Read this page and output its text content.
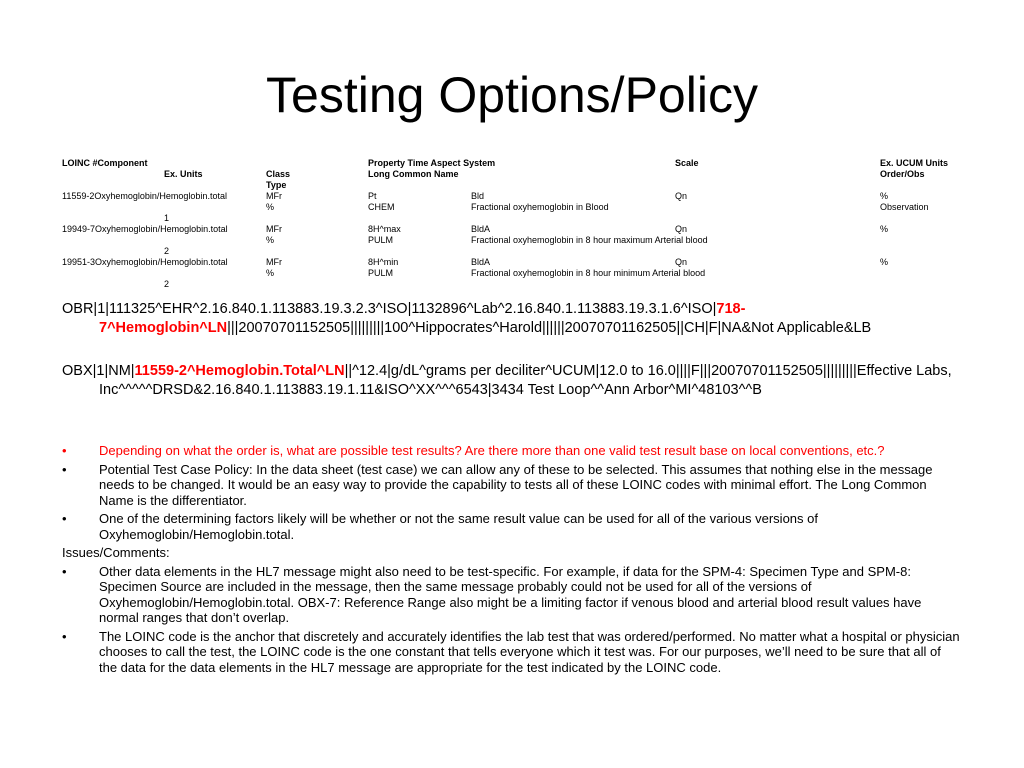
Testing Options/Policy
LOINC #Component	Property Time Aspect System	Scale	Ex. UCUM Units
Ex. Units	Class	Long Common Name	Order/Obs
Type
11559-2Oxyhemoglobin/Hemoglobin.total	MFr	Pt	Bld	Qn	%
%	CHEM	Fractional oxyhemoglobin in Blood	Observation
1
19949-7Oxyhemoglobin/Hemoglobin.total	MFr	8H^max	BldA	Qn	%
%	PULM	Fractional oxyhemoglobin in 8 hour maximum Arterial blood
2
19951-3Oxyhemoglobin/Hemoglobin.total	MFr	8H^min	BldA	Qn	%
%	PULM	Fractional oxyhemoglobin in 8 hour minimum Arterial blood
2
OBR|1|111325^EHR^2.16.840.1.113883.19.3.2.3^ISO|1132896^Lab^2.16.840.1.113883.19.3.1.6^ISO|718-7^Hemoglobin^LN|||20070701152505|||||||||100^Hippocrates^Harold||||||20070701162505||CH|F|NA&Not Applicable&LB
OBX|1|NM|11559-2^Hemoglobin.Total^LN||^12.4|g/dL^grams per deciliter^UCUM|12.0 to 16.0||||F|||20070701152505|||||||||Effective Labs, Inc^^^^^DRSD&2.16.840.1.113883.19.1.11&ISO^XX^^^6543|3434 Test Loop^^Ann Arbor^MI^48103^^B
• Depending on what the order is, what are possible test results? Are there more than one valid test result base on local conventions, etc.?
• Potential Test Case Policy: In the data sheet (test case) we can allow any of these to be selected. This assumes that nothing else in the message needs to be changed. It would be an easy way to provide the capability to tests all of these LOINC codes with minimal effort. The Long Common Name is the differentiator.
• One of the determining factors likely will be whether or not the same result value can be used for all of the various versions of Oxyhemoglobin/Hemoglobin.total.
Issues/Comments:
• Other data elements in the HL7 message might also need to be test-specific. For example, if data for the SPM-4: Specimen Type and SPM-8: Specimen Source are included in the message, then the same message probably could not be used for all of the versions of Oxyhemoglobin/Hemoglobin.total. OBX-7: Reference Range also might be a limiting factor if venous blood and arterial blood result values have normal ranges that don’t overlap.
• The LOINC code is the anchor that discretely and accurately identifies the lab test that was ordered/performed. No matter what a hospital or physician chooses to call the test, the LOINC code is the one constant that tells everyone which it test was. For our purposes, we’ll need to be sure that all of the data for the data elements in the HL7 message are appropriate for the test indicated by the LOINC code.
